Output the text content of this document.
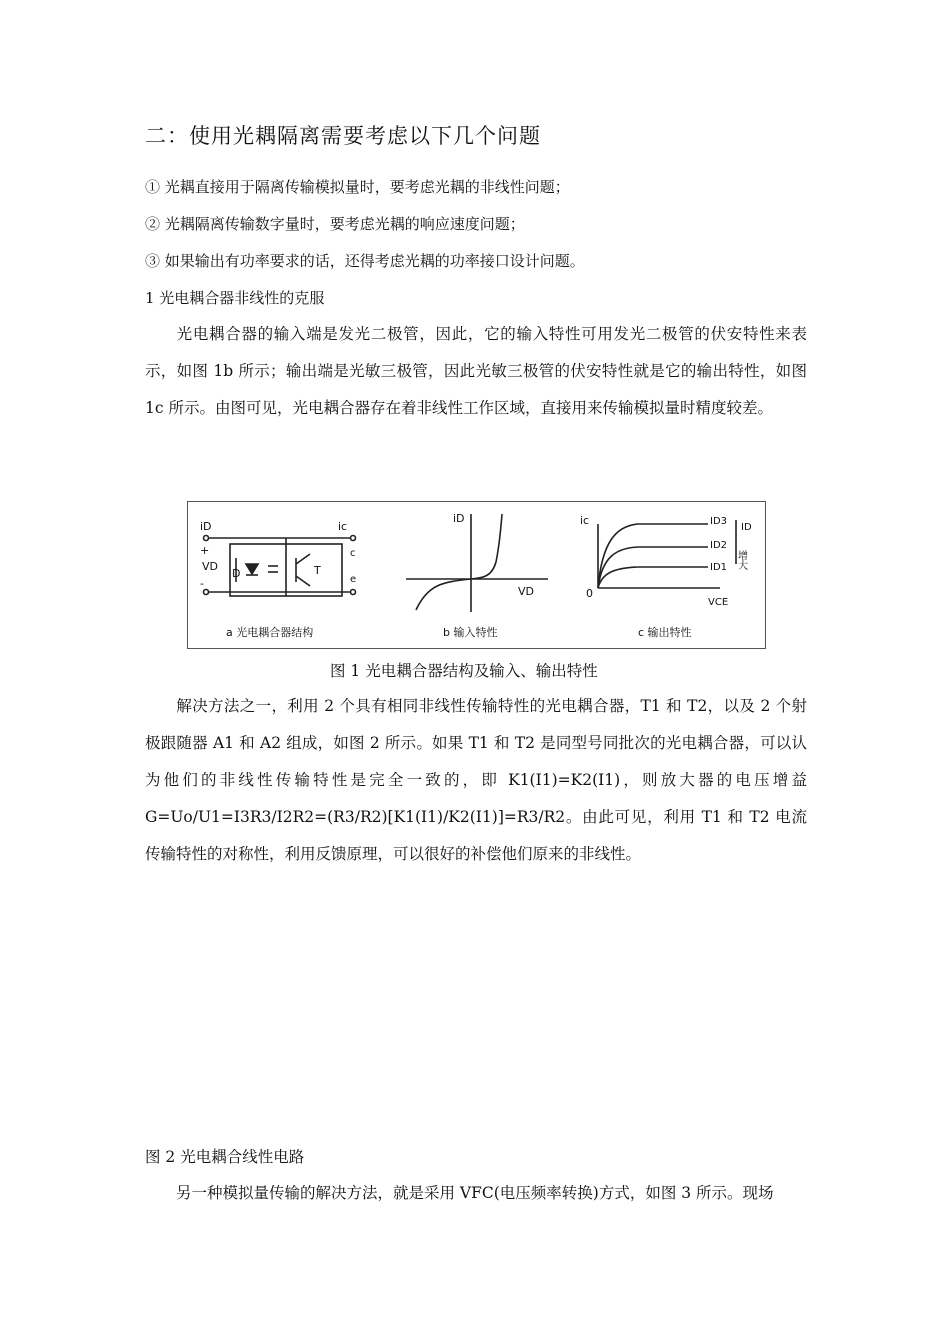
二：使用光耦隔离需要考虑以下几个问题
① 光耦直接用于隔离传输模拟量时，要考虑光耦的非线性问题；
② 光耦隔离传输数字量时，要考虑光耦的响应速度问题；
③ 如果输出有功率要求的话，还得考虑光耦的功率接口设计问题。
1 光电耦合器非线性的克服
光电耦合器的输入端是发光二极管，因此，它的输入特性可用发光二极管的伏安特性来表示，如图 1b 所示；输出端是光敏三极管，因此光敏三极管的伏安特性就是它的输出特性，如图 1c 所示。由图可见，光电耦合器存在着非线性工作区域，直接用来传输模拟量时精度较差。
iD	ic
+
VD
-
D	T
c
e
a 光电耦合器结构
iD
VD
b 输入特性
ic
0
VCE
ID3
ID2
ID1
ID
增大
c 输出特性
图 1 光电耦合器结构及输入、输出特性
解决方法之一，利用 2 个具有相同非线性传输特性的光电耦合器，T1 和 T2，以及 2 个射极跟随器 A1 和 A2 组成，如图 2 所示。如果 T1 和 T2 是同型号同批次的光电耦合器，可以认为他们的非线性传输特性是完全一致的，即 K1(I1)=K2(I1)，则放大器的电压增益 G=Uo/U1=I3R3/I2R2=(R3/R2)[K1(I1)/K2(I1)]=R3/R2。由此可见，利用 T1 和 T2 电流传输特性的对称性，利用反馈原理，可以很好的补偿他们原来的非线性。
图 2 光电耦合线性电路
另一种模拟量传输的解决方法，就是采用 VFC(电压频率转换)方式，如图 3 所示。现场
